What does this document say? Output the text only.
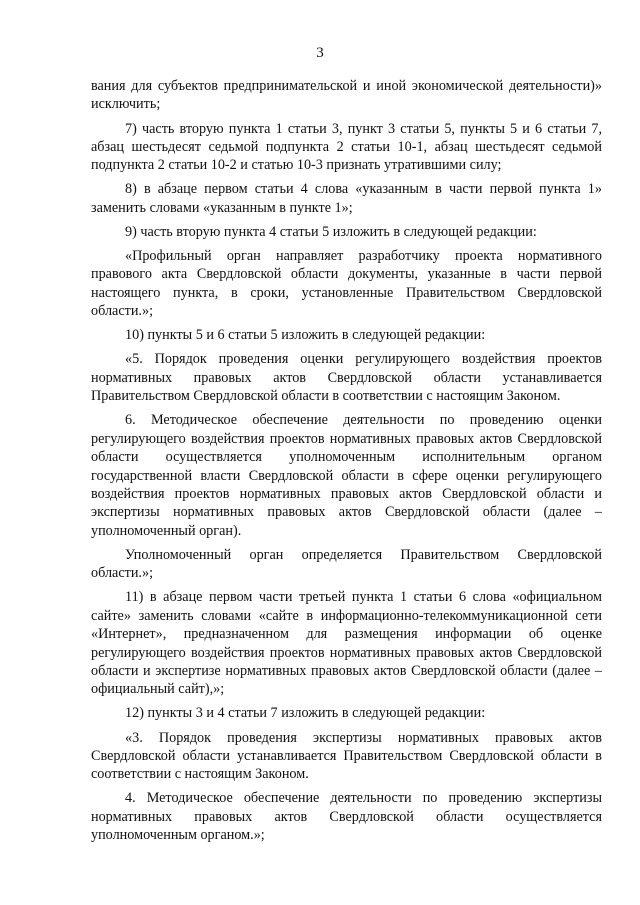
3

вания для субъектов предпринимательской и иной экономической деятельности)» исключить;

7) часть вторую пункта 1 статьи 3, пункт 3 статьи 5, пункты 5 и 6 статьи 7, абзац шестьдесят седьмой подпункта 2 статьи 10-1, абзац шестьдесят седьмой подпункта 2 статьи 10-2 и статью 10-3 признать утратившими силу;

8) в абзаце первом статьи 4 слова «указанным в части первой пункта 1» заменить словами «указанным в пункте 1»;

9) часть вторую пункта 4 статьи 5 изложить в следующей редакции:

«Профильный орган направляет разработчику проекта нормативного правового акта Свердловской области документы, указанные в части первой настоящего пункта, в сроки, установленные Правительством Свердловской области.»;

10) пункты 5 и 6 статьи 5 изложить в следующей редакции:

«5. Порядок проведения оценки регулирующего воздействия проектов нормативных правовых актов Свердловской области устанавливается Правительством Свердловской области в соответствии с настоящим Законом.

6. Методическое обеспечение деятельности по проведению оценки регулирующего воздействия проектов нормативных правовых актов Свердловской области осуществляется уполномоченным исполнительным органом государственной власти Свердловской области в сфере оценки регулирующего воздействия проектов нормативных правовых актов Свердловской области и экспертизы нормативных правовых актов Свердловской области (далее – уполномоченный орган).

Уполномоченный орган определяется Правительством Свердловской области.»;

11) в абзаце первом части третьей пункта 1 статьи 6 слова «официальном сайте» заменить словами «сайте в информационно-телекоммуникационной сети «Интернет», предназначенном для размещения информации об оценке регулирующего воздействия проектов нормативных правовых актов Свердловской области и экспертизе нормативных правовых актов Свердловской области (далее – официальный сайт),»;

12) пункты 3 и 4 статьи 7 изложить в следующей редакции:

«3. Порядок проведения экспертизы нормативных правовых актов Свердловской области устанавливается Правительством Свердловской области в соответствии с настоящим Законом.

4. Методическое обеспечение деятельности по проведению экспертизы нормативных правовых актов Свердловской области осуществляется уполномоченным органом.»;
